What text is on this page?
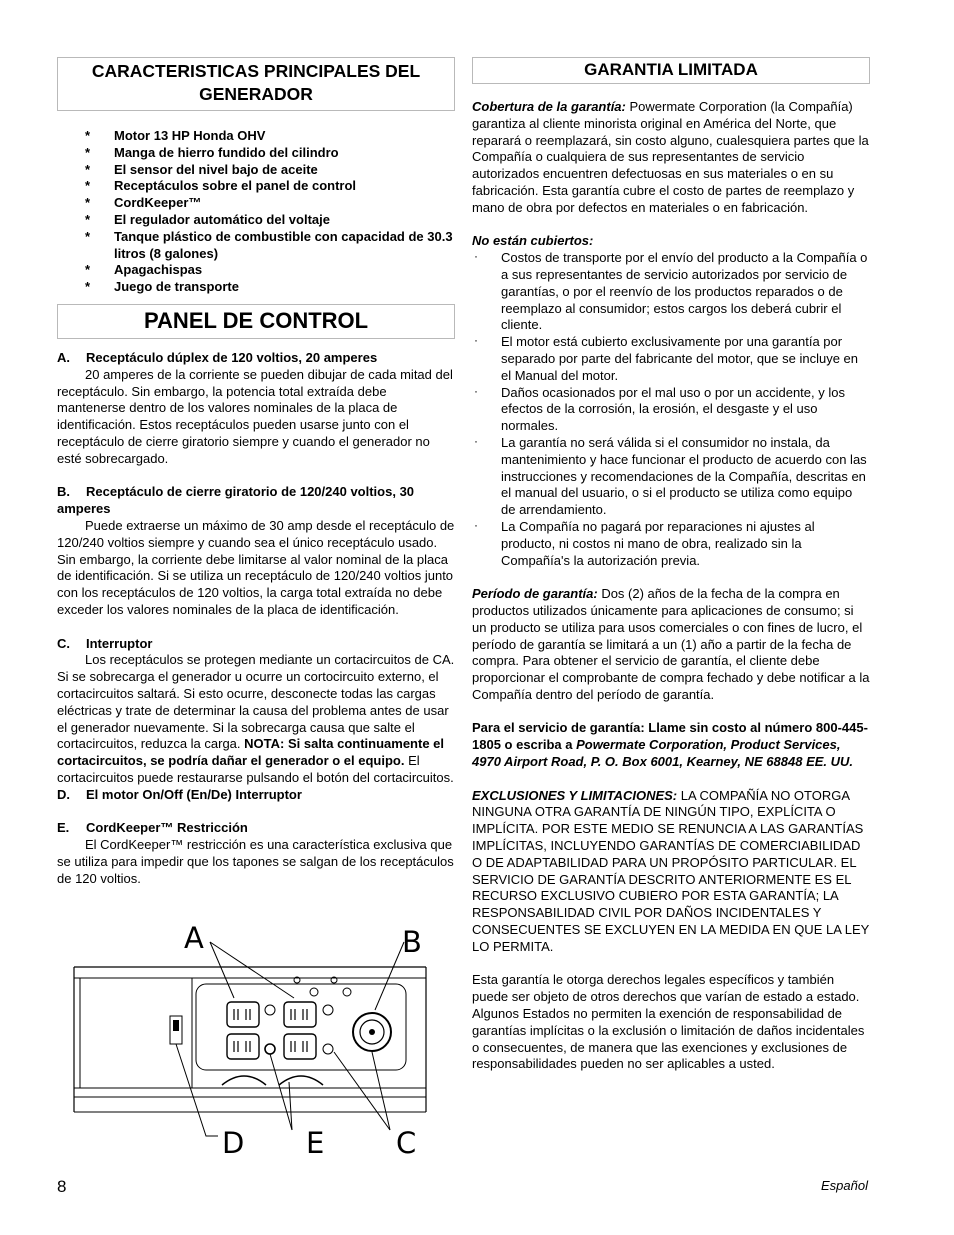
CARACTERISTICAS PRINCIPALES DEL GENERADOR
* Motor 13 HP Honda OHV
* Manga de hierro fundido del cilindro
* El sensor del nivel bajo de aceite
* Receptáculos sobre el panel de control
* CordKeeper™
* El regulador automático del voltaje
* Tanque plástico de combustible con capacidad de 30.3 litros (8 galones)
* Apagachispas
* Juego de transporte
PANEL DE CONTROL
A. Receptáculo dúplex de 120 voltios, 20 amperes
20 amperes de la corriente se pueden dibujar de cada mitad del receptáculo. Sin embargo, la potencia total extraída debe mantenerse dentro de los valores nominales de la placa de identificación. Estos receptáculos pueden usarse junto con el receptáculo de cierre giratorio siempre y cuando el generador no esté sobrecargado.
B. Receptáculo de cierre giratorio de 120/240 voltios, 30 amperes
Puede extraerse un máximo de 30 amp desde el receptáculo de 120/240 voltios siempre y cuando sea el único receptáculo usado. Sin embargo, la corriente debe limitarse al valor nominal de la placa de identificación. Si se utiliza un receptáculo de 120/240 voltios junto con los receptáculos de 120 voltios, la carga total extraída no debe exceder los valores nominales de la placa de identificación.
C. Interruptor
Los receptáculos se protegen mediante un cortacircuitos de CA. Si se sobrecarga el generador u ocurre un cortocircuito externo, el cortacircuitos saltará. Si esto ocurre, desconecte todas las cargas eléctricas y trate de determinar la causa del problema antes de usar el generador nuevamente. Si la sobrecarga causa que salte el cortacircuitos, reduzca la carga. NOTA: Si salta continuamente el cortacircuitos, se podría dañar el generador o el equipo. El cortacircuitos puede restaurarse pulsando el botón del cortacircuitos.
D. El motor On/Off (En/De) Interruptor
E. CordKeeper™ Restricción
El CordKeeper™ restricción es una característica exclusiva que se utiliza para impedir que los tapones se salgan de los receptáculos de 120 voltios.
A	B
D E C
GARANTIA LIMITADA
Cobertura de la garantía: Powermate Corporation (la Compañía) garantiza al cliente minorista original en América del Norte, que reparará o reemplazará, sin costo alguno, cualesquiera partes que la Compañía o cualquiera de sus representantes de servicio autorizados encuentren defectuosas en sus materiales o en su fabricación. Esta garantía cubre el costo de partes de reemplazo y mano de obra por defectos en materiales o en fabricación.
No están cubiertos:
· Costos de transporte por el envío del producto a la Compañía o a sus representantes de servicio autorizados por servicio de garantías, o por el reenvío de los productos reparados o de reemplazo al consumidor; estos cargos los deberá cubrir el cliente.
· El motor está cubierto exclusivamente por una garantía por separado por parte del fabricante del motor, que se incluye en el Manual del motor.
· Daños ocasionados por el mal uso o por un accidente, y los efectos de la corrosión, la erosión, el desgaste y el uso normales.
· La garantía no será válida si el consumidor no instala, da mantenimiento y hace funcionar el producto de acuerdo con las instrucciones y recomendaciones de la Compañía, descritas en el manual del usuario, o si el producto se utiliza como equipo de arrendamiento.
· La Compañía no pagará por reparaciones ni ajustes al producto, ni costos ni mano de obra, realizado sin la Compañía's la autorización previa.
Período de garantía: Dos (2) años de la fecha de la compra en productos utilizados únicamente para aplicaciones de consumo; si un producto se utiliza para usos comerciales o con fines de lucro, el período de garantía se limitará a un (1) año a partir de la fecha de compra. Para obtener el servicio de garantía, el cliente debe proporcionar el comprobante de compra fechado y debe notificar a la Compañía dentro del período de garantía.
Para el servicio de garantía: Llame sin costo al número 800-445-1805 o escriba a Powermate Corporation, Product Services, 4970 Airport Road, P. O. Box 6001, Kearney, NE 68848 EE. UU.
EXCLUSIONES Y LIMITACIONES: LA COMPAÑÍA NO OTORGA NINGUNA OTRA GARANTÍA DE NINGÚN TIPO, EXPLÍCITA O IMPLÍCITA. POR ESTE MEDIO SE RENUNCIA A LAS GARANTÍAS IMPLÍCITAS, INCLUYENDO GARANTÍAS DE COMERCIABILIDAD O DE ADAPTABILIDAD PARA UN PROPÓSITO PARTICULAR. EL SERVICIO DE GARANTÍA DESCRITO ANTERIORMENTE ES EL RECURSO EXCLUSIVO CUBIERO POR ESTA GARANTÍA; LA RESPONSABILIDAD CIVIL POR DAÑOS INCIDENTALES Y CONSECUENTES SE EXCLUYEN EN LA MEDIDA EN QUE LA LEY LO PERMITA.
Esta garantía le otorga derechos legales específicos y también puede ser objeto de otros derechos que varían de estado a estado. Algunos Estados no permiten la exención de responsabilidad de garantías implícitas o la exclusión o limitación de daños incidentales o consecuentes, de manera que las exenciones y exclusiones de responsabilidades pueden no ser aplicables a usted.
8	Español
